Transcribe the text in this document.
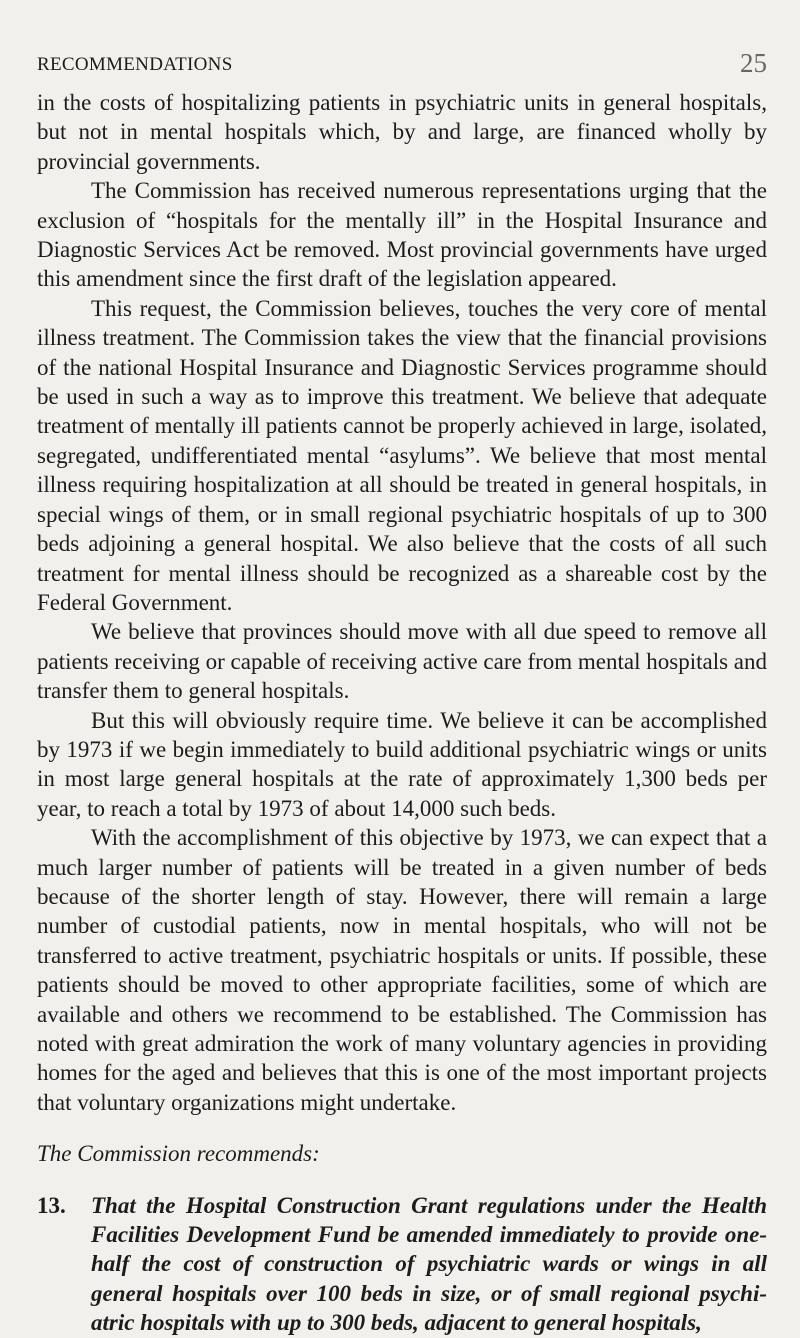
RECOMMENDATIONS	25

in the costs of hospitalizing patients in psychiatric units in general hospitals, but not in mental hospitals which, by and large, are financed wholly by provincial governments.

The Commission has received numerous representations urging that the exclusion of “hospitals for the mentally ill” in the Hospital Insurance and Diagnostic Services Act be removed. Most provincial governments have urged this amendment since the first draft of the legislation appeared.

This request, the Commission believes, touches the very core of mental illness treatment. The Commission takes the view that the financial provisions of the national Hospital Insurance and Diagnostic Services programme should be used in such a way as to improve this treatment. We believe that adequate treatment of mentally ill patients cannot be properly achieved in large, isolated, segregated, undifferentiated mental “asylums”. We believe that most mental illness requiring hospitalization at all should be treated in general hospitals, in special wings of them, or in small regional psychiatric hospitals of up to 300 beds adjoining a general hospital. We also believe that the costs of all such treatment for mental illness should be recognized as a shareable cost by the Federal Government.

We believe that provinces should move with all due speed to remove all patients receiving or capable of receiving active care from mental hospitals and transfer them to general hospitals.

But this will obviously require time. We believe it can be accomplished by 1973 if we begin immediately to build additional psychiatric wings or units in most large general hospitals at the rate of approximately 1,300 beds per year, to reach a total by 1973 of about 14,000 such beds.

With the accomplishment of this objective by 1973, we can expect that a much larger number of patients will be treated in a given number of beds because of the shorter length of stay. However, there will remain a large number of custodial patients, now in mental hospitals, who will not be transferred to active treatment, psychiatric hospitals or units. If possible, these patients should be moved to other appropriate facilities, some of which are available and others we recommend to be established. The Commission has noted with great admiration the work of many voluntary agencies in providing homes for the aged and believes that this is one of the most important projects that voluntary organizations might undertake.

The Commission recommends:
13.	That the Hospital Construction Grant regulations under the Health Facilities Development Fund be amended immediately to provide one-half the cost of construction of psychiatric wards or wings in all general hospitals over 100 beds in size, or of small regional psychi- atric hospitals with up to 300 beds, adjacent to general hospitals,
